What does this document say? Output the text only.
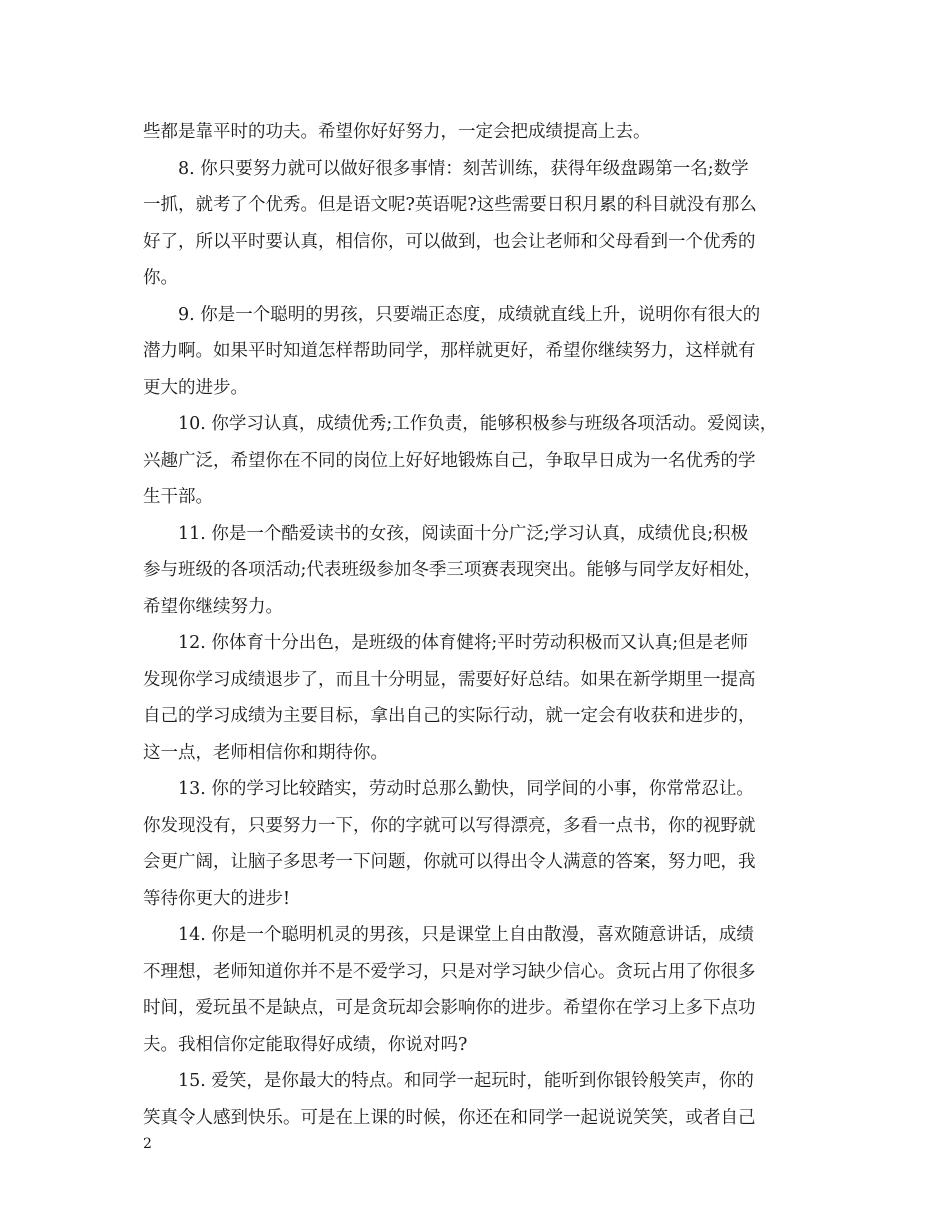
些都是靠平时的功夫。希望你好好努力，一定会把成绩提高上去。

　　8. 你只要努力就可以做好很多事情：刻苦训练，获得年级盘踢第一名;数学
一抓，就考了个优秀。但是语文呢?英语呢?这些需要日积月累的科目就没有那么
好了，所以平时要认真，相信你，可以做到，也会让老师和父母看到一个优秀的
你。

　　9. 你是一个聪明的男孩，只要端正态度，成绩就直线上升，说明你有很大的
潜力啊。如果平时知道怎样帮助同学，那样就更好，希望你继续努力，这样就有
更大的进步。

　　10. 你学习认真，成绩优秀;工作负责，能够积极参与班级各项活动。爱阅读，
兴趣广泛，希望你在不同的岗位上好好地锻炼自己，争取早日成为一名优秀的学
生干部。

　　11. 你是一个酷爱读书的女孩，阅读面十分广泛;学习认真，成绩优良;积极
参与班级的各项活动;代表班级参加冬季三项赛表现突出。能够与同学友好相处，
希望你继续努力。

　　12. 你体育十分出色，是班级的体育健将;平时劳动积极而又认真;但是老师
发现你学习成绩退步了，而且十分明显，需要好好总结。如果在新学期里一提高
自己的学习成绩为主要目标，拿出自己的实际行动，就一定会有收获和进步的，
这一点，老师相信你和期待你。

　　13. 你的学习比较踏实，劳动时总那么勤快，同学间的小事，你常常忍让。
你发现没有，只要努力一下，你的字就可以写得漂亮，多看一点书，你的视野就
会更广阔，让脑子多思考一下问题，你就可以得出令人满意的答案，努力吧，我
等待你更大的进步!

　　14. 你是一个聪明机灵的男孩，只是课堂上自由散漫，喜欢随意讲话，成绩
不理想，老师知道你并不是不爱学习，只是对学习缺少信心。贪玩占用了你很多
时间，爱玩虽不是缺点，可是贪玩却会影响你的进步。希望你在学习上多下点功
夫。我相信你定能取得好成绩，你说对吗?

　　15. 爱笑，是你最大的特点。和同学一起玩时，能听到你银铃般笑声，你的
笑真令人感到快乐。可是在上课的时候，你还在和同学一起说说笑笑，或者自己

2
